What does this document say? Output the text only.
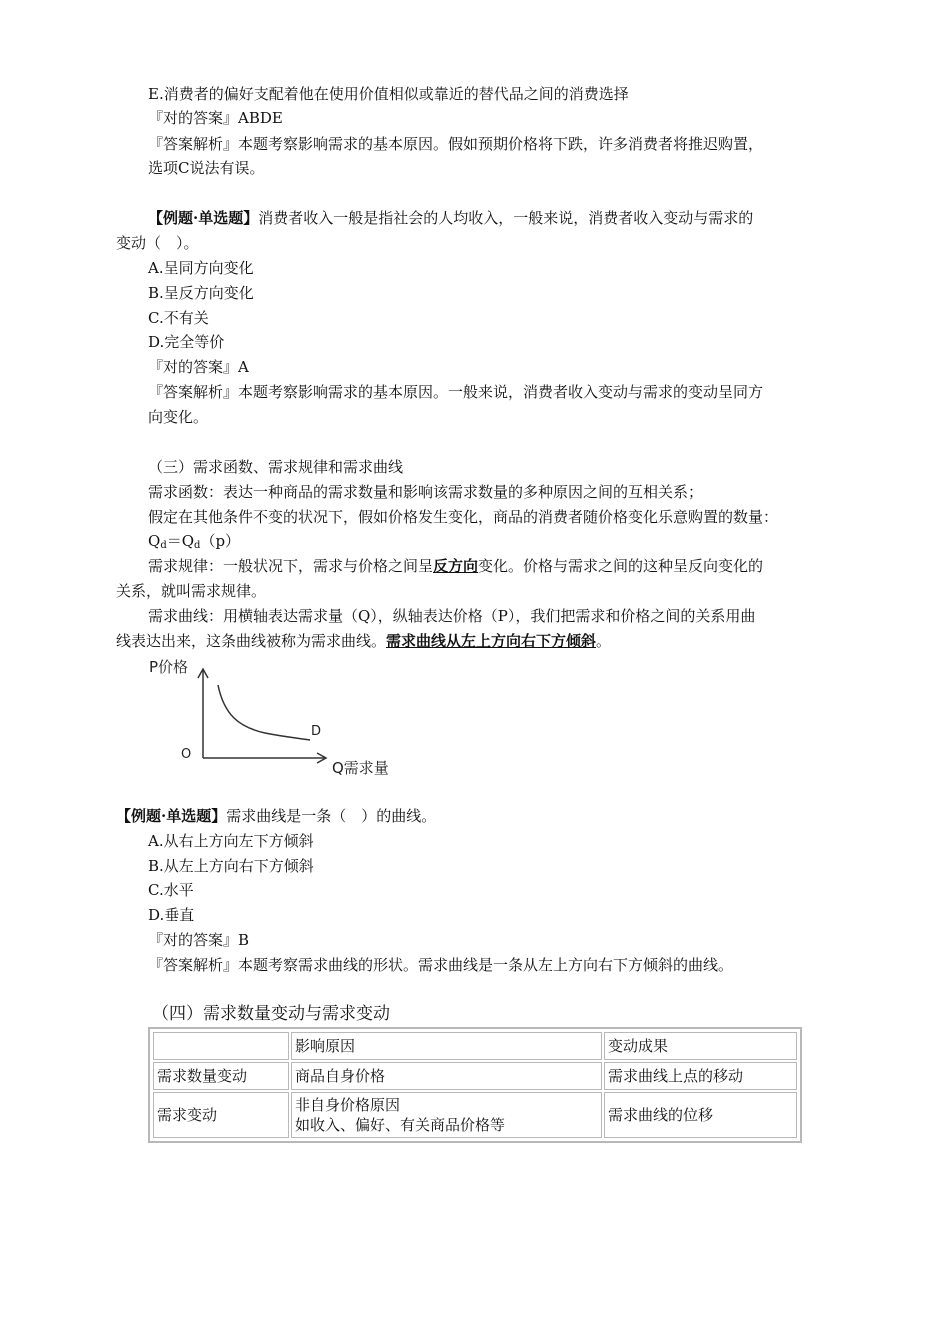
E.消费者的偏好支配着他在使用价值相似或靠近的替代品之间的消费选择
『对的答案』ABDE
『答案解析』本题考察影响需求的基本原因。假如预期价格将下跌，许多消费者将推迟购置，
选项C说法有误。
【例题·单选题】消费者收入一般是指社会的人均收入，一般来说，消费者收入变动与需求的
变动（　）。
A.呈同方向变化
B.呈反方向变化
C.不有关
D.完全等价
『对的答案』A
『答案解析』本题考察影响需求的基本原因。一般来说，消费者收入变动与需求的变动呈同方
向变化。
（三）需求函数、需求规律和需求曲线
需求函数：表达一种商品的需求数量和影响该需求数量的多种原因之间的互相关系；
假定在其他条件不变的状况下，假如价格发生变化，商品的消费者随价格变化乐意购置的数量：
$Q_d=Q_d(p)$
需求规律：一般状况下，需求与价格之间呈反方向变化。价格与需求之间的这种呈反向变化的
关系，就叫需求规律。
需求曲线：用横轴表达需求量（Q），纵轴表达价格（P），我们把需求和价格之间的关系用曲
线表达出来，这条曲线被称为需求曲线。需求曲线从左上方向右下方倾斜。
P价格
O
Q需求量
D
【例题·单选题】需求曲线是一条（　）的曲线。
A.从右上方向左下方倾斜
B.从左上方向右下方倾斜
C.水平
D.垂直
『对的答案』B
『答案解析』本题考察需求曲线的形状。需求曲线是一条从左上方向右下方倾斜的曲线。
（四）需求数量变动与需求变动
	影响原因	变动成果
需求数量变动	商品自身价格	需求曲线上点的移动
需求变动	非自身价格原因
如收入、偏好、有关商品价格等	需求曲线的位移
